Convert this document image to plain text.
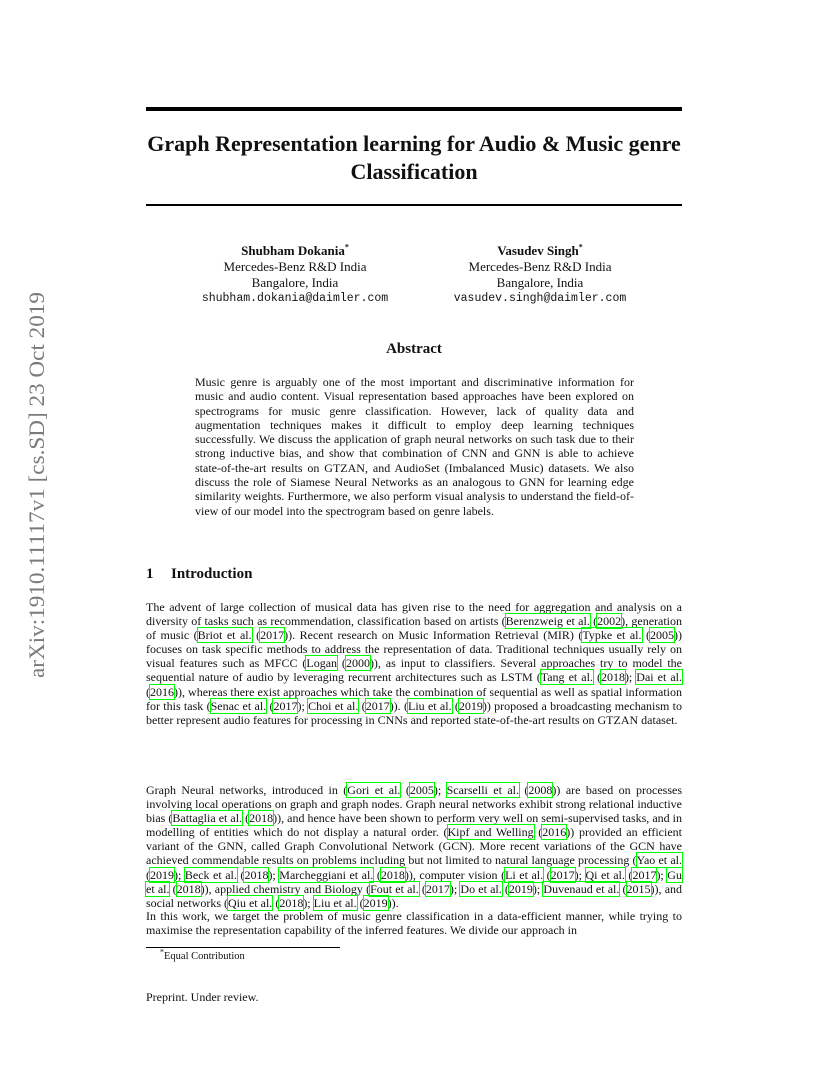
arXiv:1910.11117v1 [cs.SD] 23 Oct 2019
Graph Representation learning for Audio & Music genre Classification
Shubham Dokania*
Mercedes-Benz R&D India
Bangalore, India
shubham.dokania@daimler.com
Vasudev Singh*
Mercedes-Benz R&D India
Bangalore, India
vasudev.singh@daimler.com
Abstract

Music genre is arguably one of the most important and discriminative information for music and audio content. Visual representation based approaches have been explored on spectrograms for music genre classification. However, lack of quality data and augmentation techniques makes it difficult to employ deep learning techniques successfully. We discuss the application of graph neural networks on such task due to their strong inductive bias, and show that combination of CNN and GNN is able to achieve state-of-the-art results on GTZAN, and AudioSet (Imbalanced Music) datasets. We also discuss the role of Siamese Neural Networks as an analogous to GNN for learning edge similarity weights. Furthermore, we also perform visual analysis to understand the field-of-view of our model into the spectrogram based on genre labels.

1 Introduction

The advent of large collection of musical data has given rise to the need for aggregation and analysis on a diversity of tasks such as recommendation, classification based on artists (Berenzweig et al. (2002), generation of music (Briot et al. (2017)). Recent research on Music Information Retrieval (MIR) (Typke et al. (2005)) focuses on task specific methods to address the representation of data. Traditional techniques usually rely on visual features such as MFCC (Logan (2000)), as input to classifiers. Several approaches try to model the sequential nature of audio by leveraging recurrent architectures such as LSTM (Tang et al. (2018); Dai et al. (2016)), whereas there exist approaches which take the combination of sequential as well as spatial information for this task (Senac et al. (2017); Choi et al. (2017)). (Liu et al. (2019)) proposed a broadcasting mechanism to better represent audio features for processing in CNNs and reported state-of-the-art results on GTZAN dataset.

Graph Neural networks, introduced in (Gori et al. (2005); Scarselli et al. (2008)) are based on processes involving local operations on graph and graph nodes. Graph neural networks exhibit strong relational inductive bias (Battaglia et al. (2018)), and hence have been shown to perform very well on semi-supervised tasks, and in modelling of entities which do not display a natural order. (Kipf and Welling (2016)) provided an efficient variant of the GNN, called Graph Convolutional Network (GCN). More recent variations of the GCN have achieved commendable results on problems including but not limited to natural language processing (Yao et al. (2019); Beck et al. (2018); Marcheggiani et al. (2018)), computer vision (Li et al. (2017); Qi et al. (2017); Gu et al. (2018)), applied chemistry and Biology (Fout et al. (2017); Do et al. (2019); Duvenaud et al. (2015)), and social networks (Qiu et al. (2018); Liu et al. (2019)).

In this work, we target the problem of music genre classification in a data-efficient manner, while trying to maximise the representation capability of the inferred features. We divide our approach in

*Equal Contribution

Preprint. Under review.
